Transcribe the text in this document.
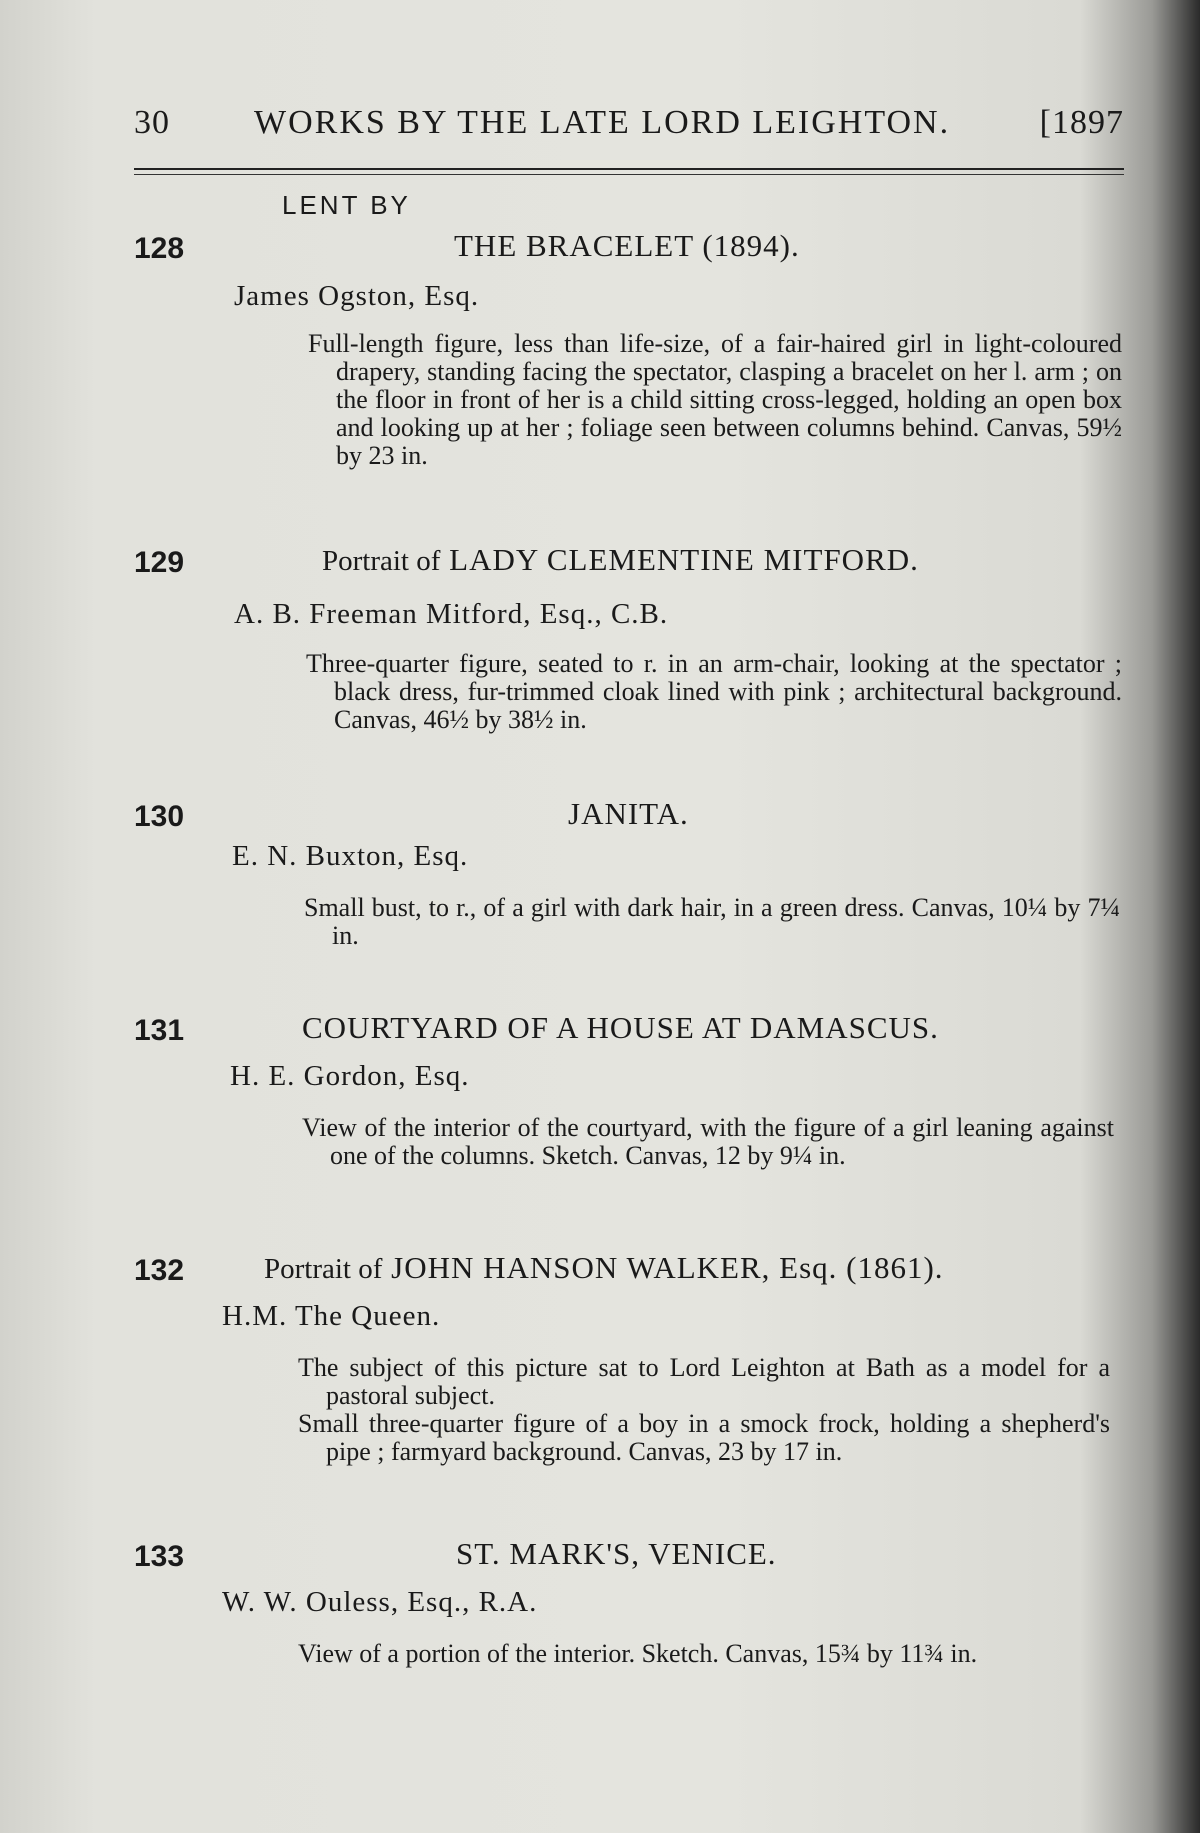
30 WORKS BY THE LATE LORD LEIGHTON.	[1897
LENT BY
128	THE BRACELET (1894).
James Ogston, Esq.

Full-length figure, less than life-size, of a fair-haired girl in light-coloured drapery, standing facing the spectator, clasping a bracelet on her l. arm ; on the floor in front of her is a child sitting cross-legged, holding an open box and looking up at her ; foliage seen between columns behind. Canvas, 59½ by 23 in.

129	Portrait of LADY CLEMENTINE MITFORD.
A. B. Freeman Mitford, Esq., C.B.

Three-quarter figure, seated to r. in an arm-chair, looking at the spectator ; black dress, fur-trimmed cloak lined with pink ; architectural background. Canvas, 46½ by 38½ in.

130	JANITA.
E. N. Buxton, Esq.

Small bust, to r., of a girl with dark hair, in a green dress. Canvas, 10¼ by 7¼ in.

131	COURTYARD OF A HOUSE AT DAMASCUS.
H. E. Gordon, Esq.

View of the interior of the courtyard, with the figure of a girl leaning against one of the columns. Sketch. Canvas, 12 by 9¼ in.

132	Portrait of JOHN HANSON WALKER, Esq. (1861).
H.M. The Queen.

The subject of this picture sat to Lord Leighton at Bath as a model for a pastoral subject.

Small three-quarter figure of a boy in a smock frock, holding a shepherd's pipe ; farmyard background. Canvas, 23 by 17 in.

133	ST. MARK'S, VENICE.
W. W. Ouless, Esq., R.A.

View of a portion of the interior. Sketch. Canvas, 15¾ by 11¾ in.
